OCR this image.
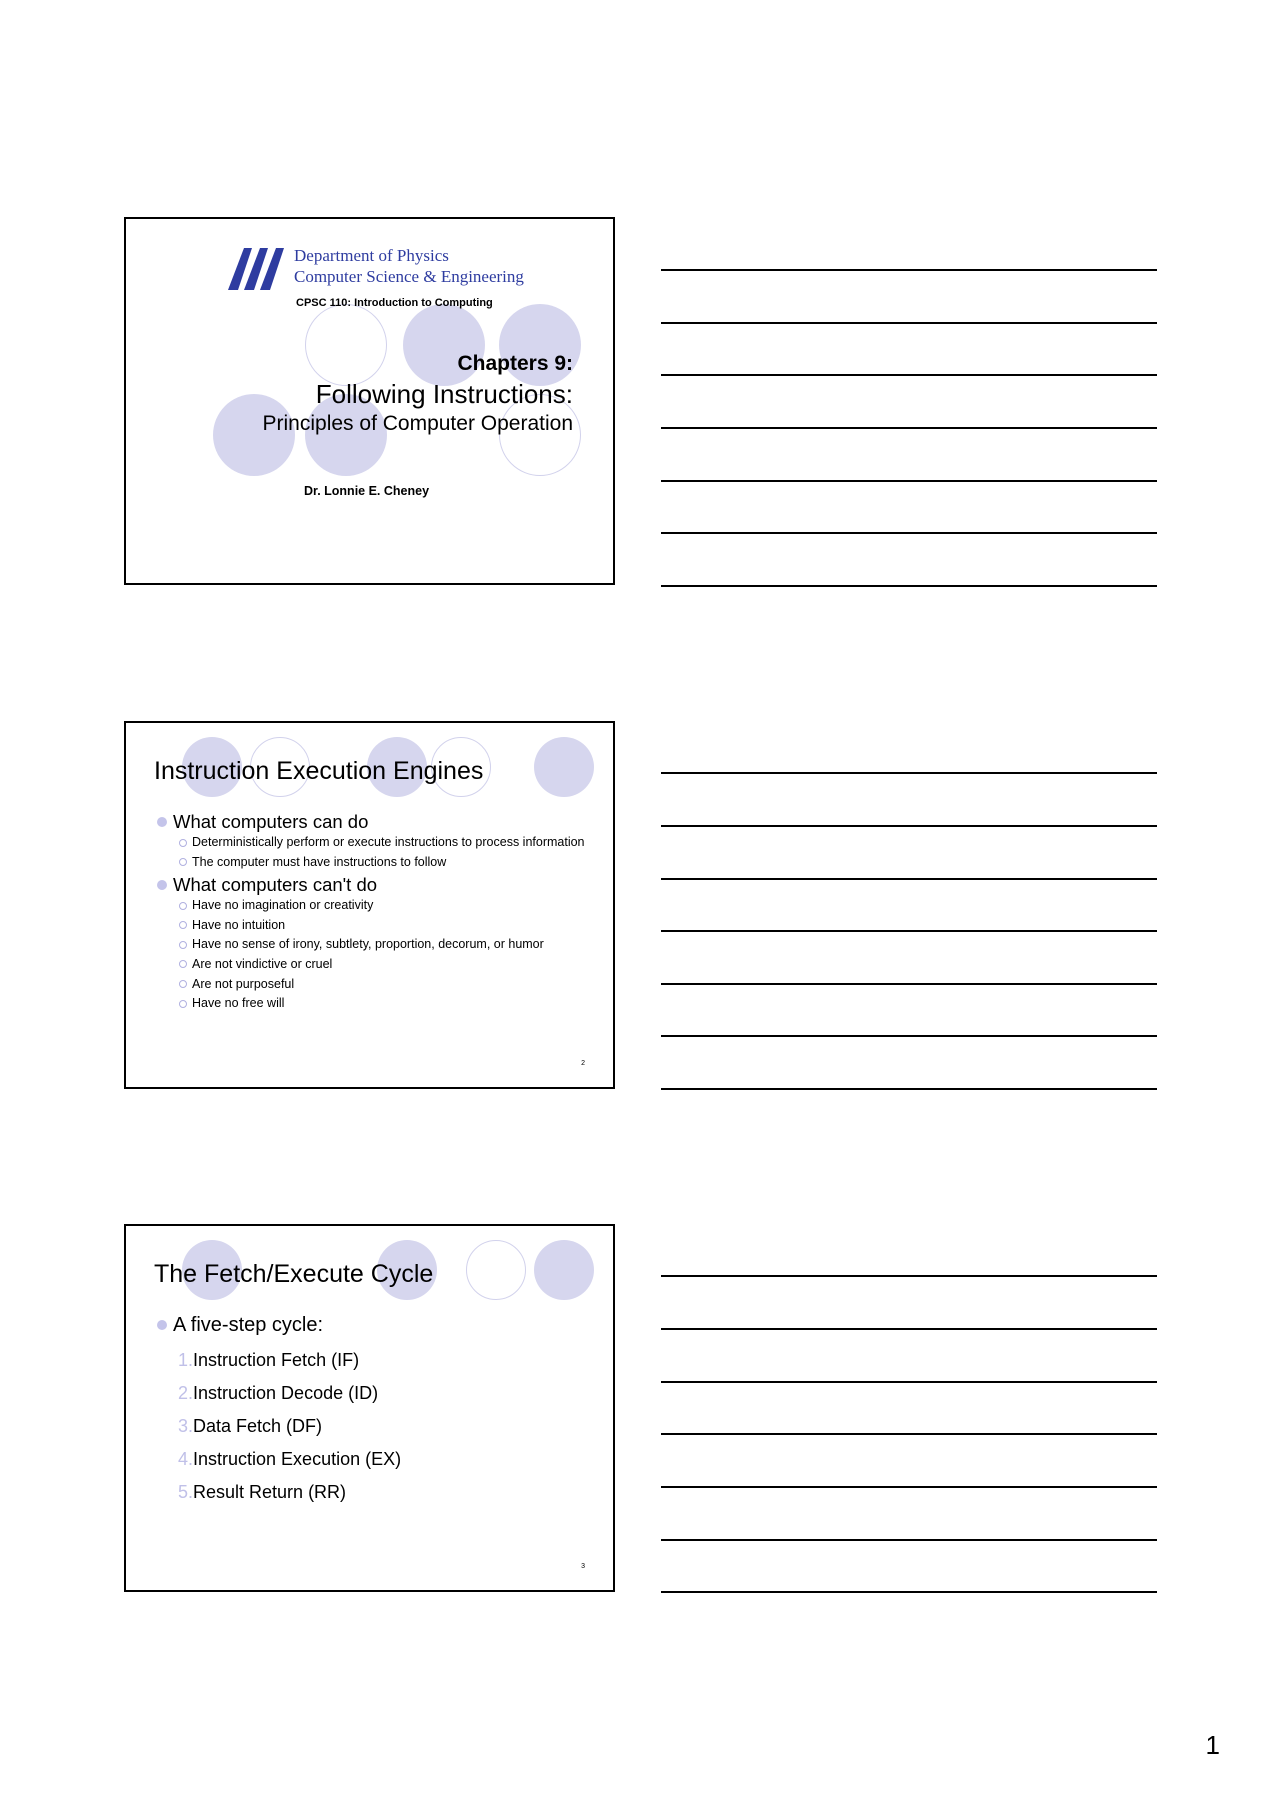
Department of Physics
Computer Science & Engineering
CPSC 110: Introduction to Computing
Chapters 9:
Following Instructions:
Principles of Computer Operation
Dr. Lonnie E. Cheney
Instruction Execution Engines
What computers can do
Deterministically perform or execute instructions to process information
The computer must have instructions to follow
What computers can't do
Have no imagination or creativity
Have no intuition
Have no sense of irony, subtlety, proportion, decorum, or humor
Are not vindictive or cruel
Are not purposeful
Have no free will
2
The Fetch/Execute Cycle
A five-step cycle:
1.Instruction Fetch (IF)
2.Instruction Decode (ID)
3.Data Fetch (DF)
4.Instruction Execution (EX)
5.Result Return (RR)
3
1
